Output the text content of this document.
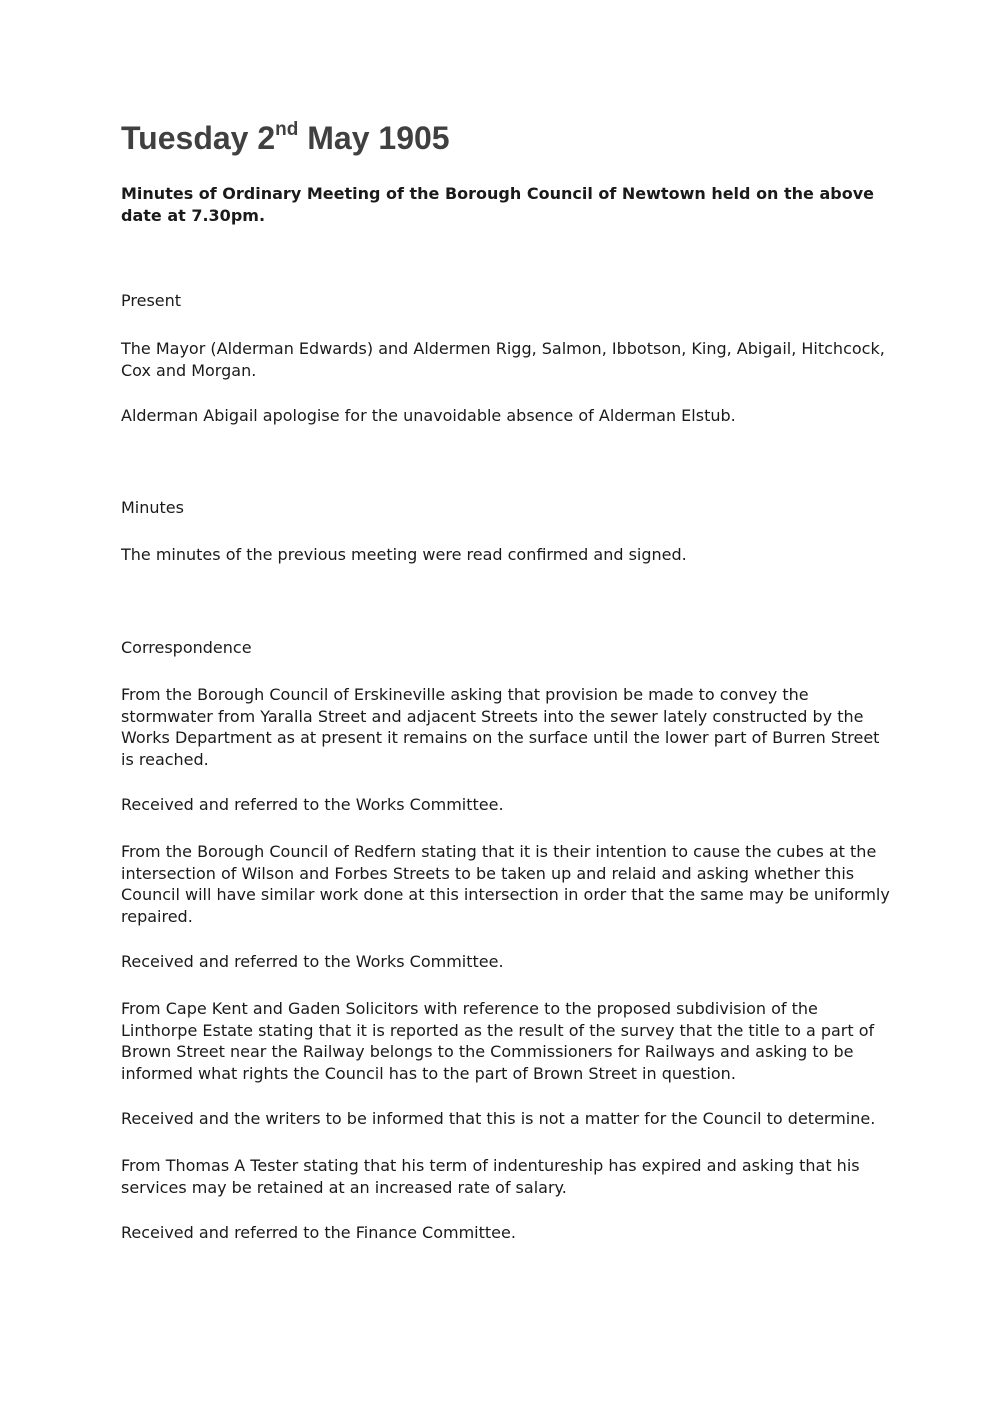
Tuesday 2nd May 1905

Minutes of Ordinary Meeting of the Borough Council of Newtown held on the above date at 7.30pm.

Present

The Mayor (Alderman Edwards) and Aldermen Rigg, Salmon, Ibbotson, King, Abigail, Hitchcock, Cox and Morgan.

Alderman Abigail apologise for the unavoidable absence of Alderman Elstub.

Minutes

The minutes of the previous meeting were read confirmed and signed.

Correspondence

From the Borough Council of Erskineville asking that provision be made to convey the stormwater from Yaralla Street and adjacent Streets into the sewer lately constructed by the Works Department as at present it remains on the surface until the lower part of Burren Street is reached.

Received and referred to the Works Committee.

From the Borough Council of Redfern stating that it is their intention to cause the cubes at the intersection of Wilson and Forbes Streets to be taken up and relaid and asking whether this Council will have similar work done at this intersection in order that the same may be uniformly repaired.

Received and referred to the Works Committee.

From Cape Kent and Gaden Solicitors with reference to the proposed subdivision of the Linthorpe Estate stating that it is reported as the result of the survey that the title to a part of Brown Street near the Railway belongs to the Commissioners for Railways and asking to be informed what rights the Council has to the part of Brown Street in question.

Received and the writers to be informed that this is not a matter for the Council to determine.

From Thomas A Tester stating that his term of indentureship has expired and asking that his services may be retained at an increased rate of salary.

Received and referred to the Finance Committee.
